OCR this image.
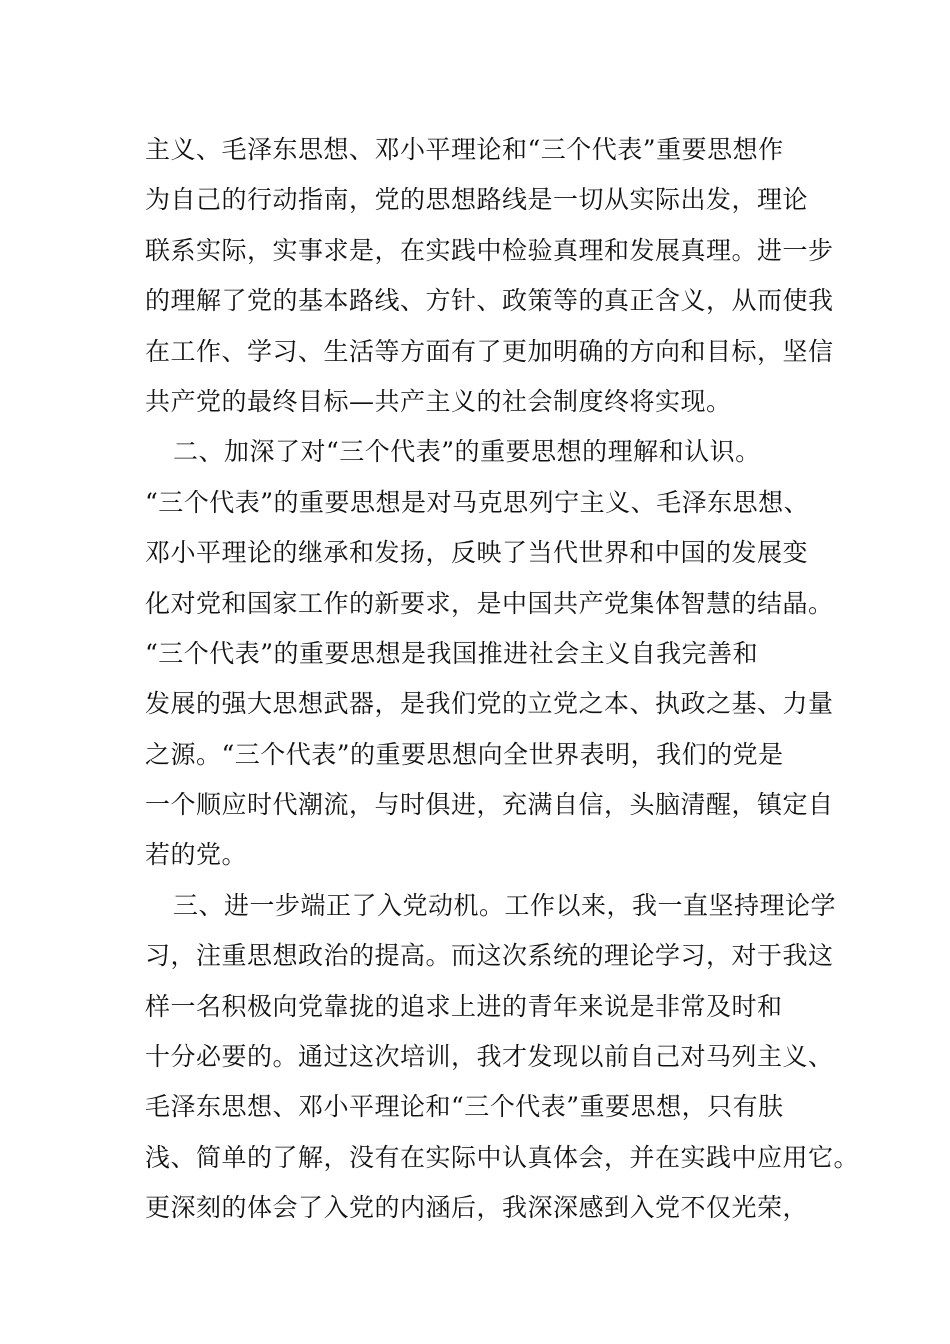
主义、毛泽东思想、邓小平理论和“三个代表”重要思想作
为自己的行动指南，党的思想路线是一切从实际出发，理论
联系实际，实事求是，在实践中检验真理和发展真理。进一步
的理解了党的基本路线、方针、政策等的真正含义，从而使我
在工作、学习、生活等方面有了更加明确的方向和目标，坚信
共产党的最终目标—共产主义的社会制度终将实现。
二、加深了对“三个代表”的重要思想的理解和认识。
“三个代表”的重要思想是对马克思列宁主义、毛泽东思想、
邓小平理论的继承和发扬，反映了当代世界和中国的发展变
化对党和国家工作的新要求，是中国共产党集体智慧的结晶。
“三个代表”的重要思想是我国推进社会主义自我完善和
发展的强大思想武器，是我们党的立党之本、执政之基、力量
之源。“三个代表”的重要思想向全世界表明，我们的党是
一个顺应时代潮流，与时俱进，充满自信，头脑清醒，镇定自
若的党。
三、进一步端正了入党动机。工作以来，我一直坚持理论学
习，注重思想政治的提高。而这次系统的理论学习，对于我这
样一名积极向党靠拢的追求上进的青年来说是非常及时和
十分必要的。通过这次培训，我才发现以前自己对马列主义、
毛泽东思想、邓小平理论和“三个代表”重要思想，只有肤
浅、简单的了解，没有在实际中认真体会，并在实践中应用它。
更深刻的体会了入党的内涵后，我深深感到入党不仅光荣，
